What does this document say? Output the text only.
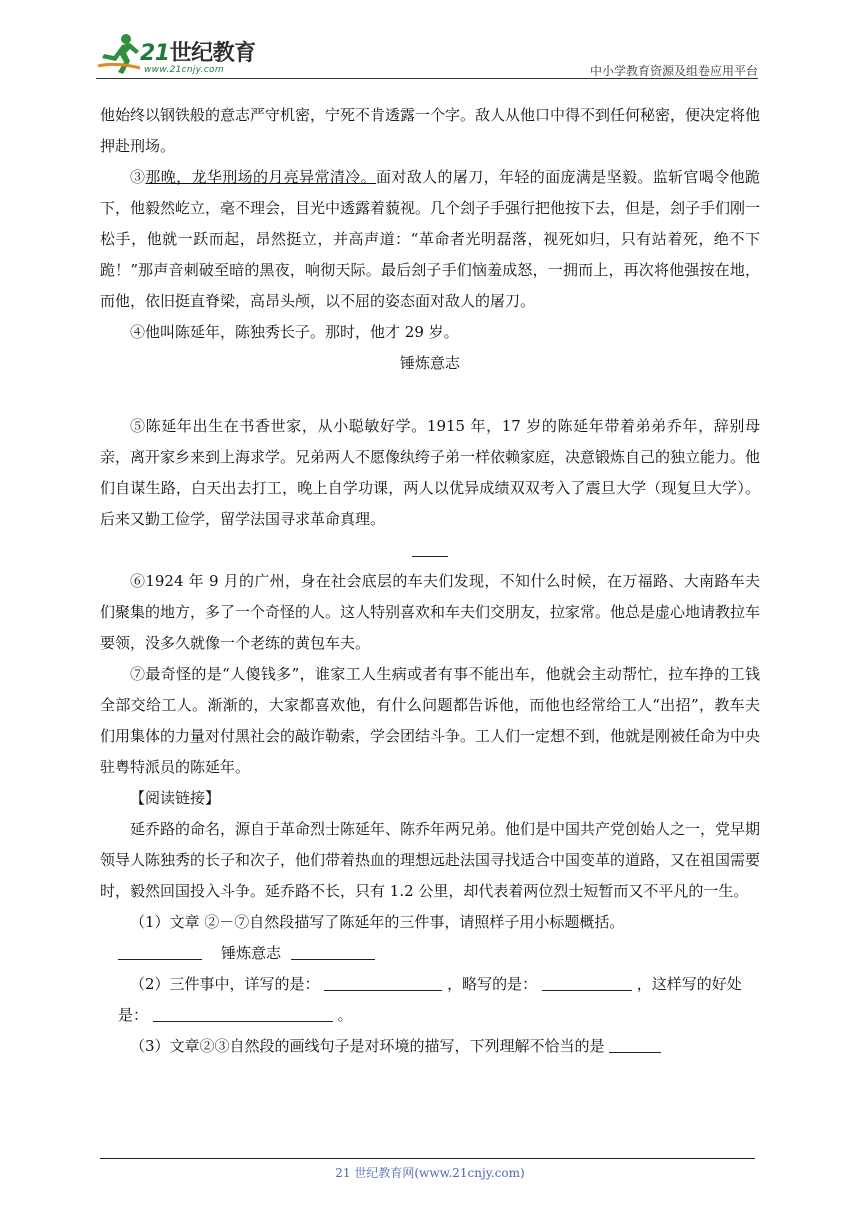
21世纪教育
www.21cnjy.com	中小学教育资源及组卷应用平台

他始终以钢铁般的意志严守机密，宁死不肯透露一个字。敌人从他口中得不到任何秘密，便决定将他押赴刑场。

③那晚，龙华刑场的月亮异常清冷。面对敌人的屠刀，年轻的面庞满是坚毅。监斩官喝令他跪下，他毅然屹立，毫不理会，目光中透露着藐视。几个刽子手强行把他按下去，但是，刽子手们刚一松手，他就一跃而起，昂然挺立，并高声道：“革命者光明磊落，视死如归，只有站着死，绝不下跪！”那声音刺破至暗的黑夜，响彻天际。最后刽子手们恼羞成怒，一拥而上，再次将他强按在地，而他，依旧挺直脊梁，高昂头颅，以不屈的姿态面对敌人的屠刀。

④他叫陈延年，陈独秀长子。那时，他才 29 岁。

锤炼意志

⑤陈延年出生在书香世家，从小聪敏好学。1915 年，17 岁的陈延年带着弟弟乔年，辞别母亲，离开家乡来到上海求学。兄弟两人不愿像纨绔子弟一样依赖家庭，决意锻炼自己的独立能力。他们自谋生路，白天出去打工，晚上自学功课，两人以优异成绩双双考入了震旦大学（现复旦大学）。后来又勤工俭学，留学法国寻求革命真理。

⑥1924 年 9 月的广州，身在社会底层的车夫们发现，不知什么时候，在万福路、大南路车夫们聚集的地方，多了一个奇怪的人。这人特别喜欢和车夫们交朋友，拉家常。他总是虚心地请教拉车要领，没多久就像一个老练的黄包车夫。

⑦最奇怪的是“人傻钱多”，谁家工人生病或者有事不能出车，他就会主动帮忙，拉车挣的工钱全部交给工人。渐渐的，大家都喜欢他，有什么问题都告诉他，而他也经常给工人“出招”，教车夫们用集体的力量对付黑社会的敲诈勒索，学会团结斗争。工人们一定想不到，他就是刚被任命为中央驻粤特派员的陈延年。

【阅读链接】

延乔路的命名，源自于革命烈士陈延年、陈乔年两兄弟。他们是中国共产党创始人之一，党早期领导人陈独秀的长子和次子，他们带着热血的理想远赴法国寻找适合中国变革的道路，又在祖国需要时，毅然回国投入斗争。延乔路不长，只有 1.2 公里，却代表着两位烈士短暂而又不平凡的一生。

（1）文章 ②－⑦自然段描写了陈延年的三件事，请照样子用小标题概括。

锤炼意志

（2）三件事中，详写的是：	，略写的是：	，这样写的好处

是：	。

（3）文章②③自然段的画线句子是对环境的描写，下列理解不恰当的是

21 世纪教育网(www.21cnjy.com)
